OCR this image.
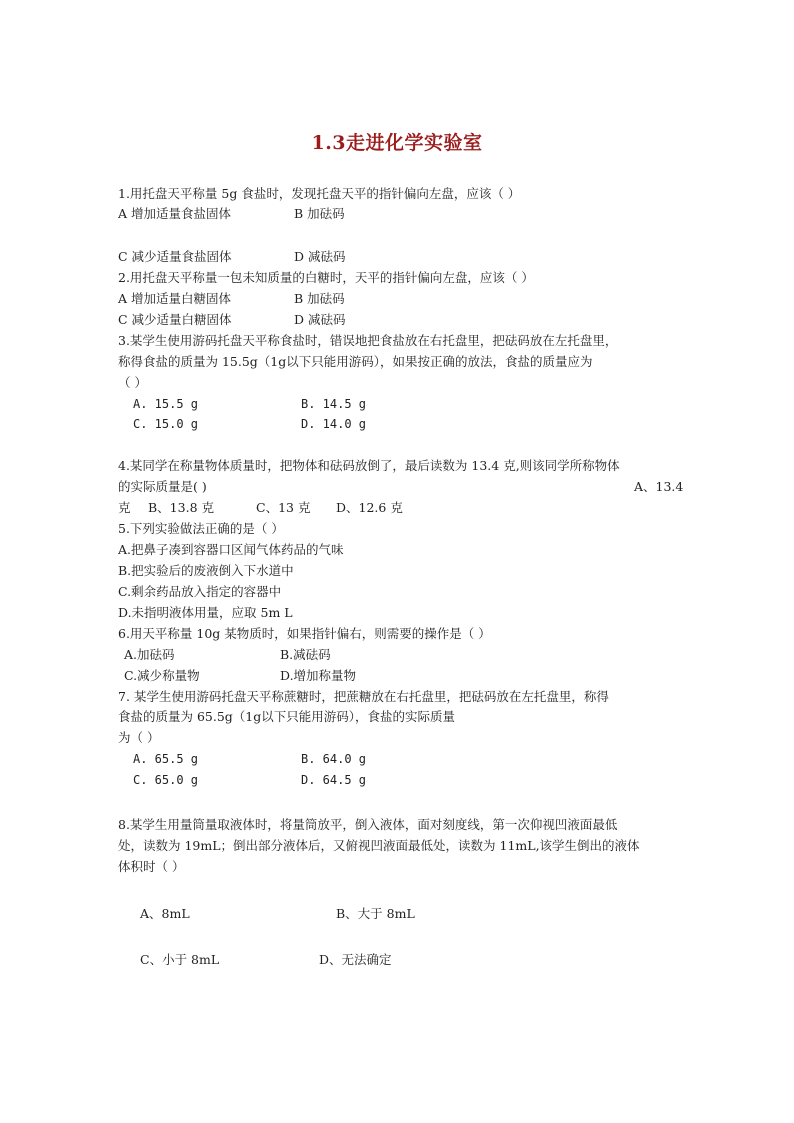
1.3走进化学实验室
1.用托盘天平称量 5g 食盐时，发现托盘天平的指针偏向左盘，应该（ ）
A 增加适量食盐固体	B 加砝码
C 减少适量食盐固体	D 减砝码
2.用托盘天平称量一包未知质量的白糖时，天平的指针偏向左盘，应该（ ）
A 增加适量白糖固体	B 加砝码
C 减少适量白糖固体	D 减砝码
3.某学生使用游码托盘天平称食盐时，错误地把食盐放在右托盘里，把砝码放在左托盘里，
称得食盐的质量为 15.5g（1g以下只能用游码），如果按正确的放法，食盐的质量应为
（ ）
A. 15.5 g	B. 14.5 g
C. 15.0 g	D. 14.0 g
4.某同学在称量物体质量时，把物体和砝码放倒了，最后读数为 13.4 克,则该同学所称物体
的实际质量是( )	A、13.4
克 B、13.8 克	C、13 克 D、12.6 克
5.下列实验做法正确的是（ ）
A.把鼻子凑到容器口区闻气体药品的气味
B.把实验后的废液倒入下水道中
C.剩余药品放入指定的容器中
D.未指明液体用量，应取 5m L
6.用天平称量 10g 某物质时，如果指针偏右，则需要的操作是（ ）
A.加砝码	B.减砝码
C.减少称量物	D.增加称量物
7. 某学生使用游码托盘天平称蔗糖时，把蔗糖放在右托盘里，把砝码放在左托盘里，称得
食盐的质量为 65.5g（1g以下只能用游码），食盐的实际质量
为（ ）
A. 65.5 g	B. 64.0 g
C. 65.0 g	D. 64.5 g
8.某学生用量筒量取液体时，将量筒放平，倒入液体，面对刻度线，第一次仰视凹液面最低
处，读数为 19mL；倒出部分液体后，又俯视凹液面最低处，读数为 11mL,该学生倒出的液体
体积时（ ）
A、8mL	B、大于 8mL
C、小于 8mL	D、无法确定
